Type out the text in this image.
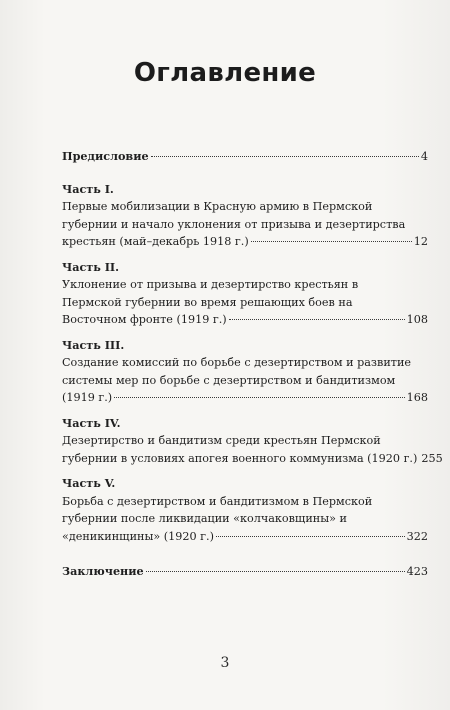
Оглавление
Предисловие	4
Часть I.
Первые мобилизации в Красную армию в Пермской
губернии и начало уклонения от призыва и дезертирства
крестьян (май–декабрь 1918 г.)	12
Часть II.
Уклонение от призыва и дезертирство крестьян в
Пермской губернии во время решающих боев на
Восточном фронте (1919 г.)	108
Часть III.
Создание комиссий по борьбе с дезертирством и развитие
системы мер по борьбе с дезертирством и бандитизмом
(1919 г.)	168
Часть IV.
Дезертирство и бандитизм среди крестьян Пермской
губернии в условиях апогея военного коммунизма (1920 г.) 255
Часть V.
Борьба с дезертирством и бандитизмом в Пермской
губернии после ликвидации «колчаковщины» и
«деникинщины» (1920 г.)	322
Заключение	423
3
